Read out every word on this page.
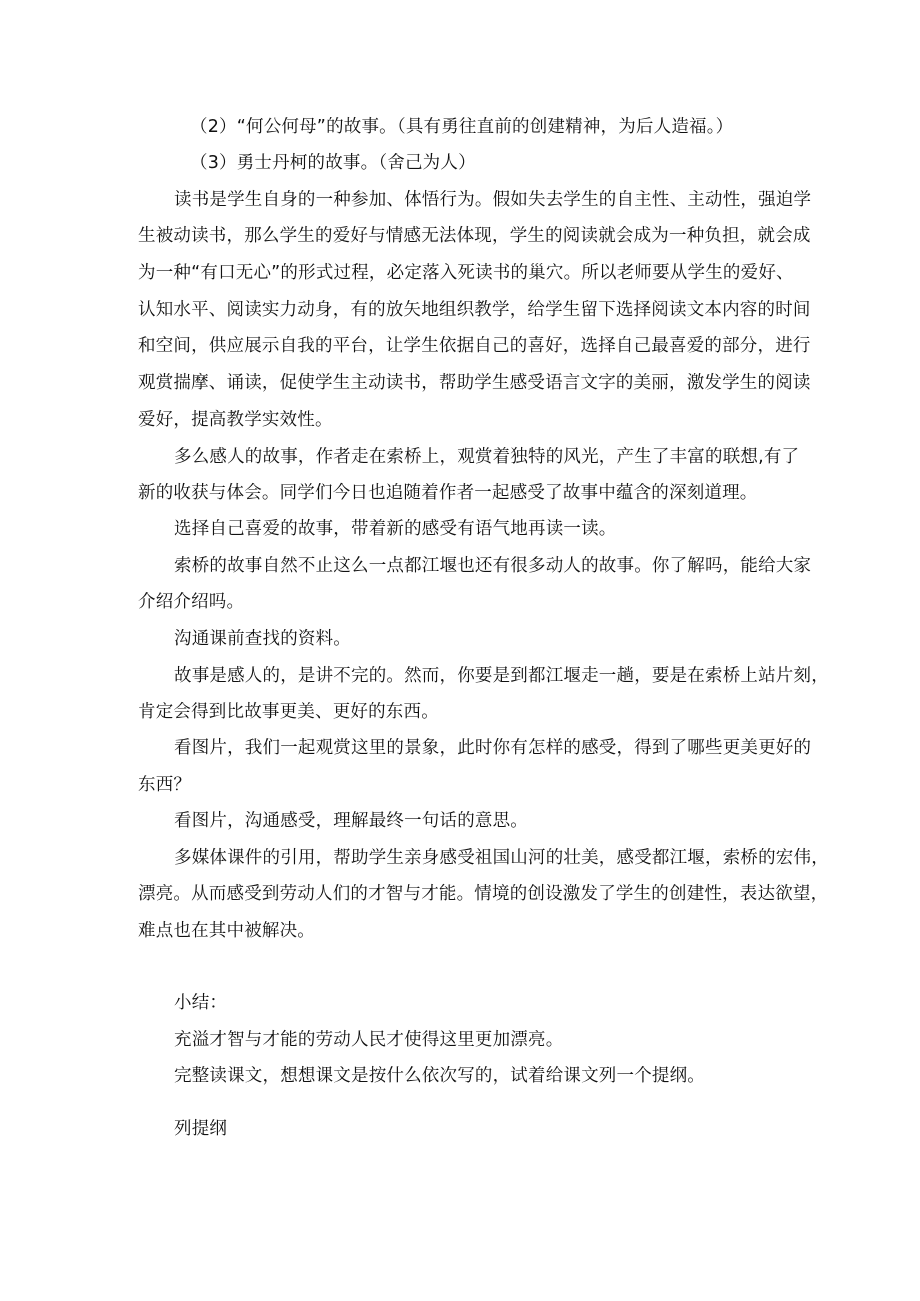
（2）“何公何母”的故事。（具有勇往直前的创建精神，为后人造福。）
（3）勇士丹柯的故事。（舍己为人）
读书是学生自身的一种参加、体悟行为。假如失去学生的自主性、主动性，强迫学
生被动读书，那么学生的爱好与情感无法体现，学生的阅读就会成为一种负担，就会成
为一种“有口无心”的形式过程，必定落入死读书的巢穴。所以老师要从学生的爱好、
认知水平、阅读实力动身，有的放矢地组织教学，给学生留下选择阅读文本内容的时间
和空间，供应展示自我的平台，让学生依据自己的喜好，选择自己最喜爱的部分，进行
观赏揣摩、诵读，促使学生主动读书，帮助学生感受语言文字的美丽，激发学生的阅读
爱好，提高教学实效性。
多么感人的故事，作者走在索桥上，观赏着独特的风光，产生了丰富的联想,有了
新的收获与体会。同学们今日也追随着作者一起感受了故事中蕴含的深刻道理。
选择自己喜爱的故事，带着新的感受有语气地再读一读。
索桥的故事自然不止这么一点都江堰也还有很多动人的故事。你了解吗，能给大家
介绍介绍吗。
沟通课前查找的资料。
故事是感人的，是讲不完的。然而，你要是到都江堰走一趟，要是在索桥上站片刻，
肯定会得到比故事更美、更好的东西。
看图片，我们一起观赏这里的景象，此时你有怎样的感受，得到了哪些更美更好的
东西？
看图片，沟通感受，理解最终一句话的意思。
多媒体课件的引用，帮助学生亲身感受祖国山河的壮美，感受都江堰，索桥的宏伟，
漂亮。从而感受到劳动人们的才智与才能。情境的创设激发了学生的创建性，表达欲望，
难点也在其中被解决。
小结：
充溢才智与才能的劳动人民才使得这里更加漂亮。
完整读课文，想想课文是按什么依次写的，试着给课文列一个提纲。
列提纲
